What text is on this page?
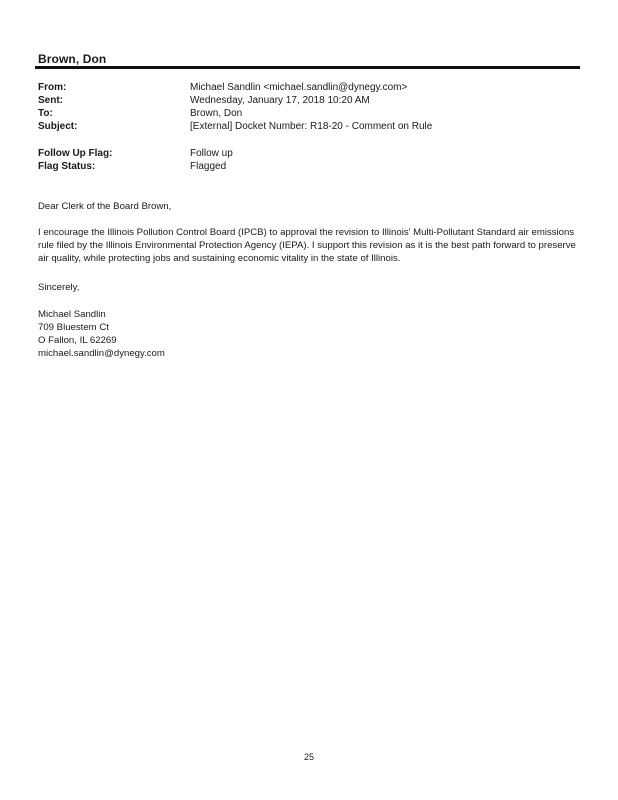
Brown, Don
From:	Michael Sandlin <michael.sandlin@dynegy.com>
Sent:	Wednesday, January 17, 2018 10:20 AM
To:	Brown, Don
Subject:	[External] Docket Number: R18-20 - Comment on Rule
Follow Up Flag:	Follow up
Flag Status:	Flagged
Dear Clerk of the Board Brown,
I encourage the Illinois Pollution Control Board (IPCB) to approval the revision to Illinois' Multi-Pollutant Standard air emissions rule filed by the Illinois Environmental Protection Agency (IEPA). I support this revision as it is the best path forward to preserve air quality, while protecting jobs and sustaining economic vitality in the state of Illinois.
Sincerely,
Michael Sandlin
709 Bluestem Ct
O Fallon, IL 62269
michael.sandlin@dynegy.com
25
